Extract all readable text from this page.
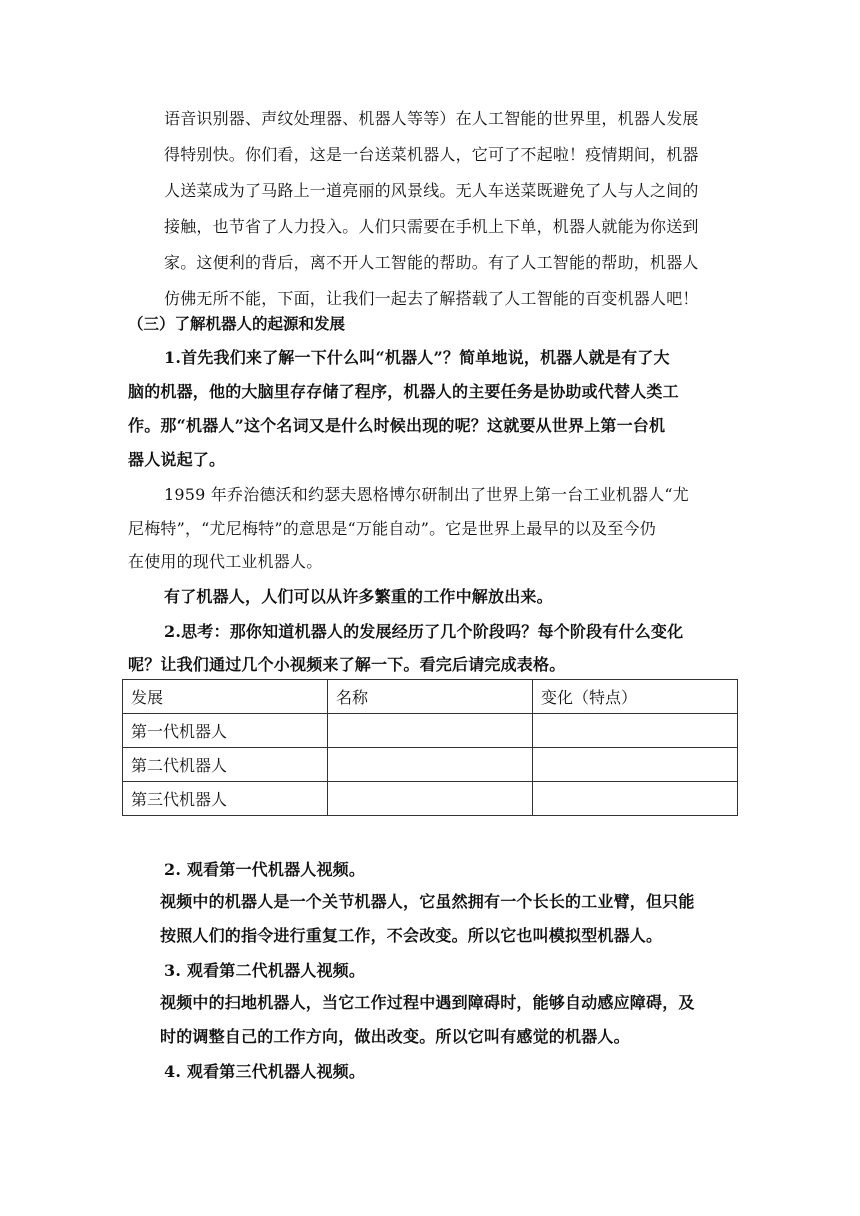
语音识别器、声纹处理器、机器人等等）在人工智能的世界里，机器人发展
得特别快。你们看，这是一台送菜机器人，它可了不起啦！疫情期间，机器
人送菜成为了马路上一道亮丽的风景线。无人车送菜既避免了人与人之间的
接触，也节省了人力投入。人们只需要在手机上下单，机器人就能为你送到
家。这便利的背后，离不开人工智能的帮助。有了人工智能的帮助，机器人
仿佛无所不能，下面，让我们一起去了解搭载了人工智能的百变机器人吧！
（三）了解机器人的起源和发展
1.首先我们来了解一下什么叫“机器人”？简单地说，机器人就是有了大
脑的机器，他的大脑里存存储了程序，机器人的主要任务是协助或代替人类工
作。那“机器人”这个名词又是什么时候出现的呢？这就要从世界上第一台机
器人说起了。
1959 年乔治德沃和约瑟夫恩格博尔研制出了世界上第一台工业机器人“尤
尼梅特”，“尤尼梅特”的意思是“万能自动”。它是世界上最早的以及至今仍
在使用的现代工业机器人。
有了机器人，人们可以从许多繁重的工作中解放出来。
2.思考：那你知道机器人的发展经历了几个阶段吗？每个阶段有什么变化
呢？让我们通过几个小视频来了解一下。看完后请完成表格。
发展	名称	变化（特点）
第一代机器人		
第二代机器人		
第三代机器人		
2. 观看第一代机器人视频。
视频中的机器人是一个关节机器人，它虽然拥有一个长长的工业臂，但只能
按照人们的指令进行重复工作，不会改变。所以它也叫模拟型机器人。
3. 观看第二代机器人视频。
视频中的扫地机器人，当它工作过程中遇到障碍时，能够自动感应障碍，及
时的调整自己的工作方向，做出改变。所以它叫有感觉的机器人。
4. 观看第三代机器人视频。
